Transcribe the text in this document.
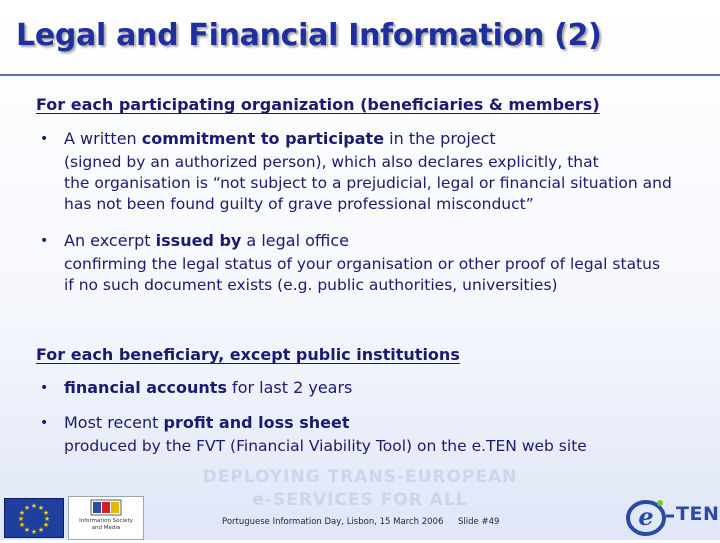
Legal and Financial Information (2)
For each participating organization (beneficiaries & members)
• A written commitment to participate in the project
(signed by an authorized person), which also declares explicitly, that
the organisation is “not subject to a prejudicial, legal or financial situation and
has not been found guilty of grave professional misconduct”
• An excerpt issued by a legal office
confirming the legal status of your organisation or other proof of legal status
if no such document exists (e.g. public authorities, universities)
For each beneficiary, except public institutions
• financial accounts for last 2 years
• Most recent profit and loss sheet
produced by the FVT (Financial Viability Tool) on the e.TEN web site
DEPLOYING TRANS-EUROPEAN
e-SERVICES FOR ALL
★ ★
★
★
★
★
★
★
★
★
★
★
Information Society
and Media
Portuguese Information Day, Lisbon, 15 March 2006 Slide #49	e TEN
